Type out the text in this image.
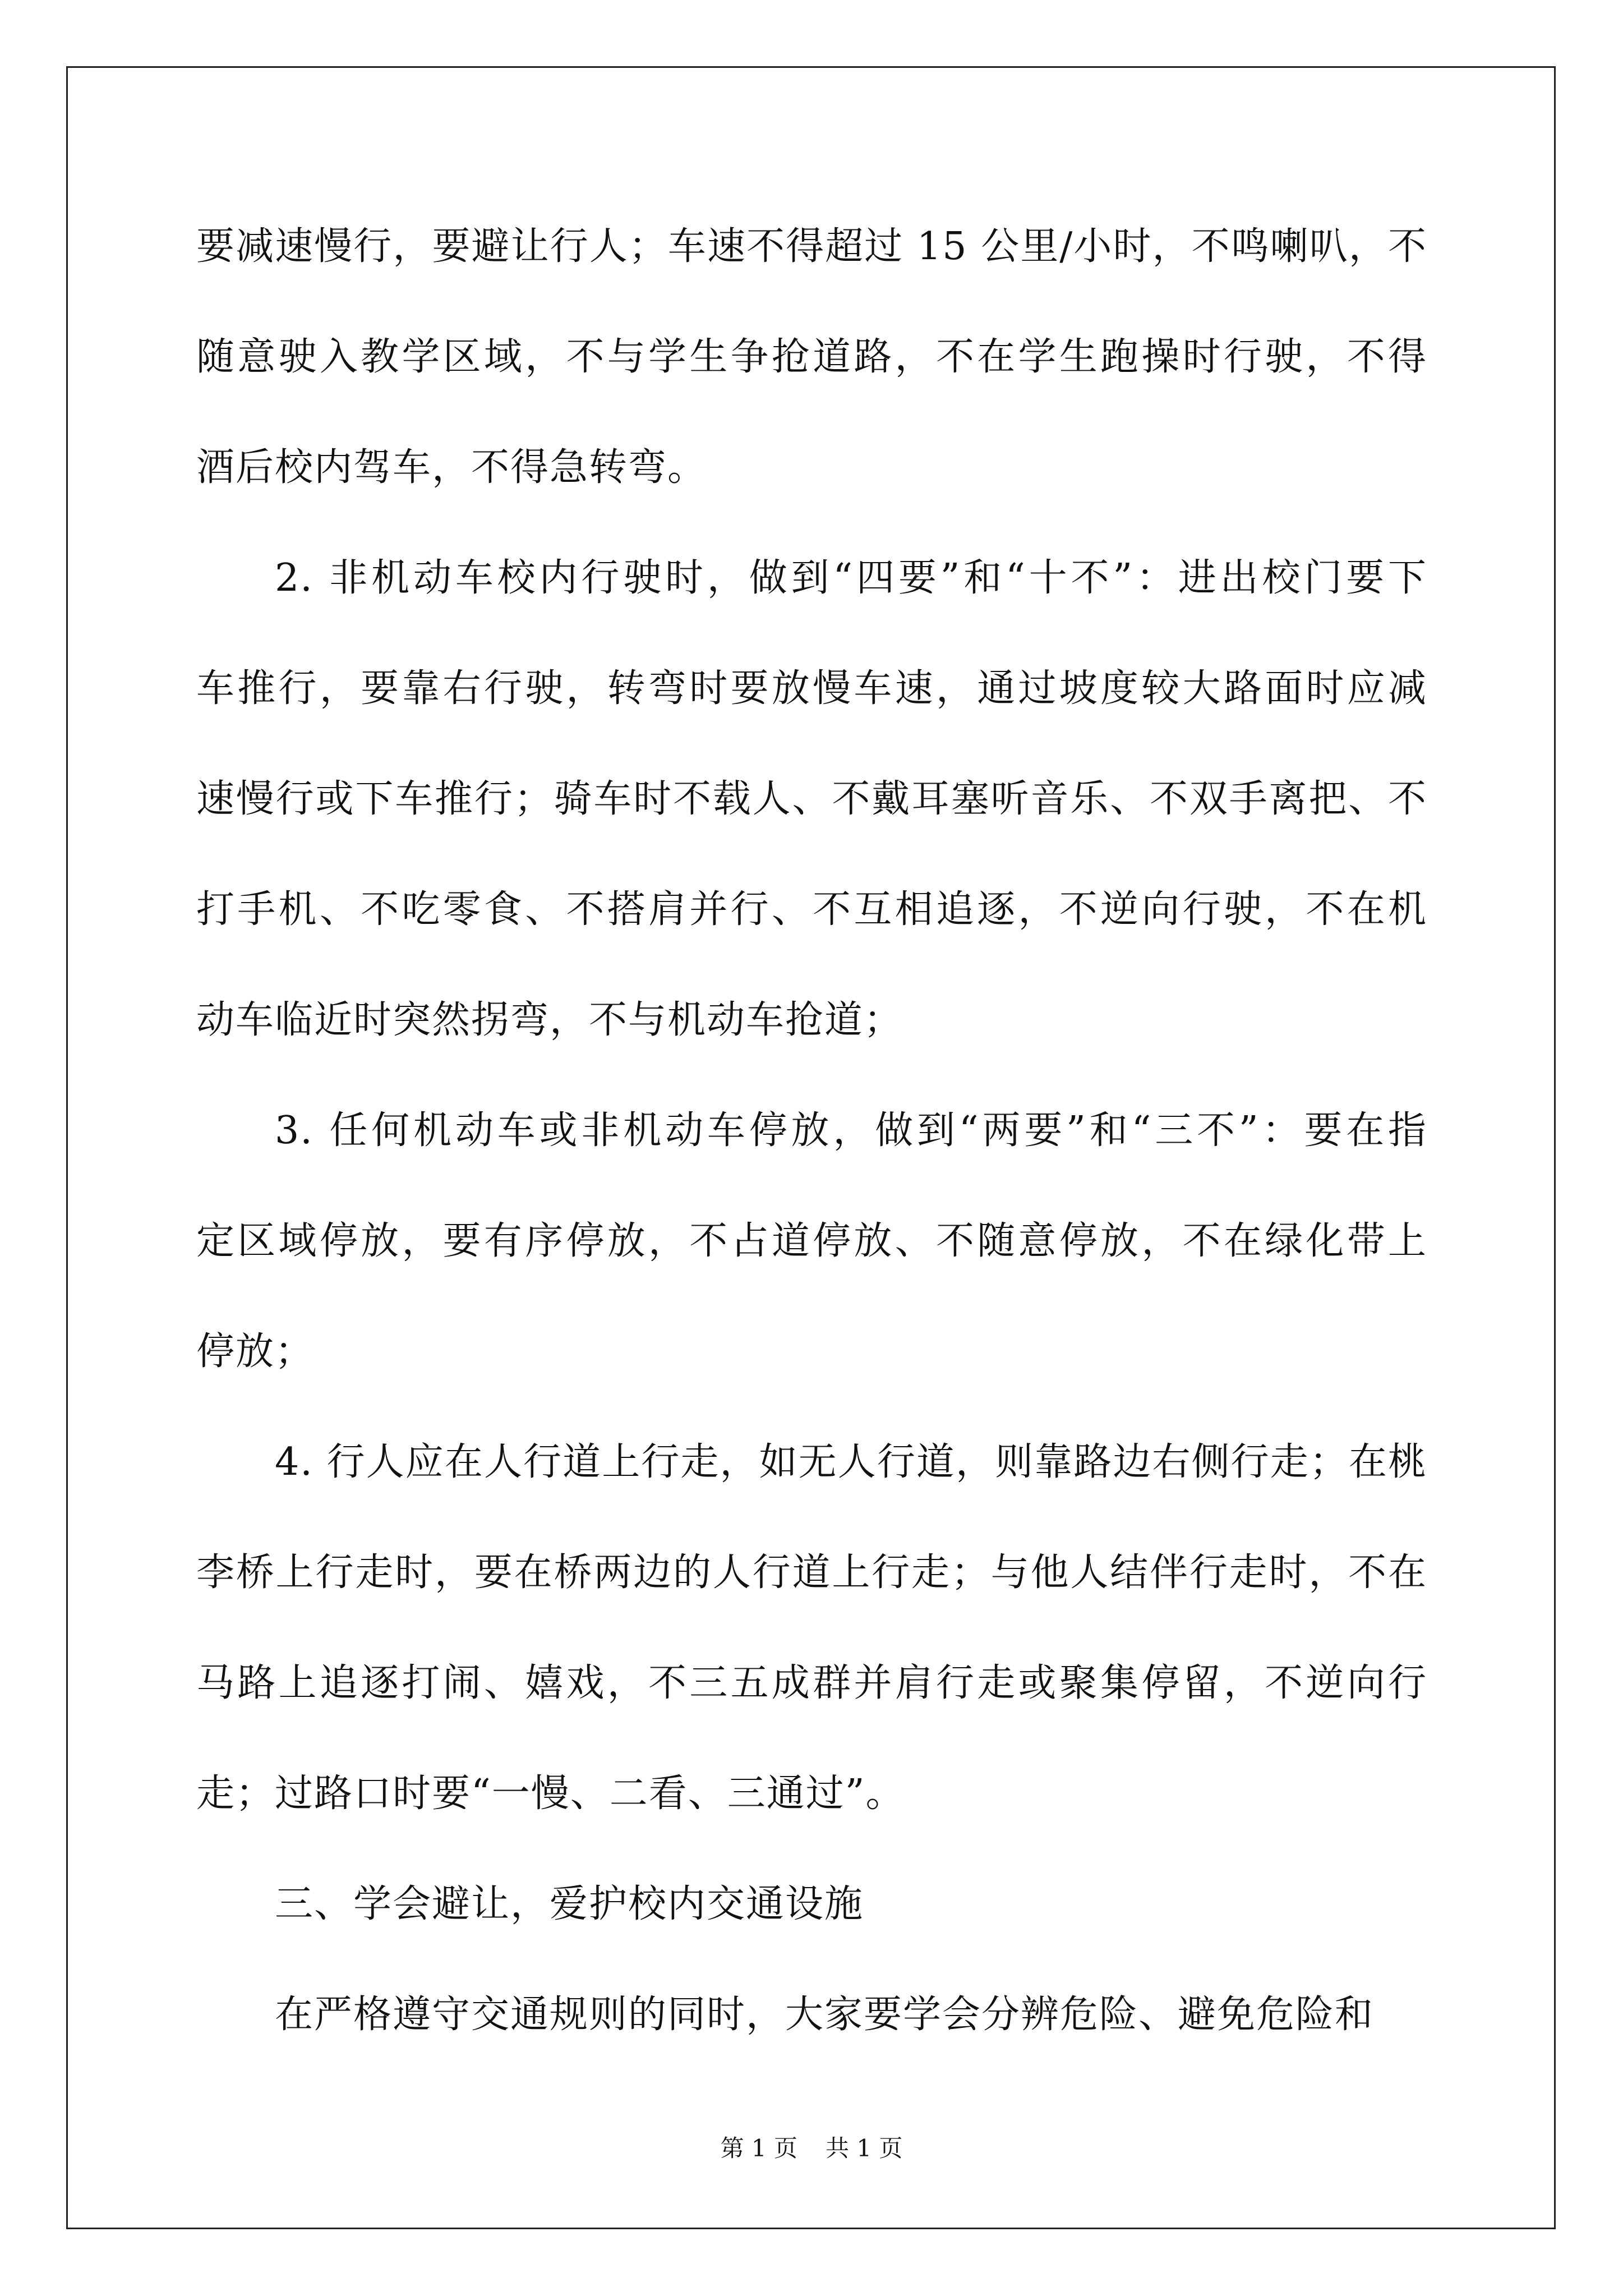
要减速慢行，要避让行人；车速不得超过 15 公里/小时，不鸣喇叭，不
随意驶入教学区域，不与学生争抢道路，不在学生跑操时行驶，不得
酒后校内驾车，不得急转弯。
2. 非机动车校内行驶时，做到“四要”和“十不”：进出校门要下
车推行，要靠右行驶，转弯时要放慢车速，通过坡度较大路面时应减
速慢行或下车推行；骑车时不载人、不戴耳塞听音乐、不双手离把、不
打手机、不吃零食、不搭肩并行、不互相追逐，不逆向行驶，不在机
动车临近时突然拐弯，不与机动车抢道；
3. 任何机动车或非机动车停放，做到“两要”和“三不”：要在指
定区域停放，要有序停放，不占道停放、不随意停放，不在绿化带上
停放；
4. 行人应在人行道上行走，如无人行道，则靠路边右侧行走；在桃
李桥上行走时，要在桥两边的人行道上行走；与他人结伴行走时，不在
马路上追逐打闹、嬉戏，不三五成群并肩行走或聚集停留，不逆向行
走；过路口时要“一慢、二看、三通过”。
三、学会避让，爱护校内交通设施
在严格遵守交通规则的同时，大家要学会分辨危险、避免危险和
第 1 页 共 1 页
